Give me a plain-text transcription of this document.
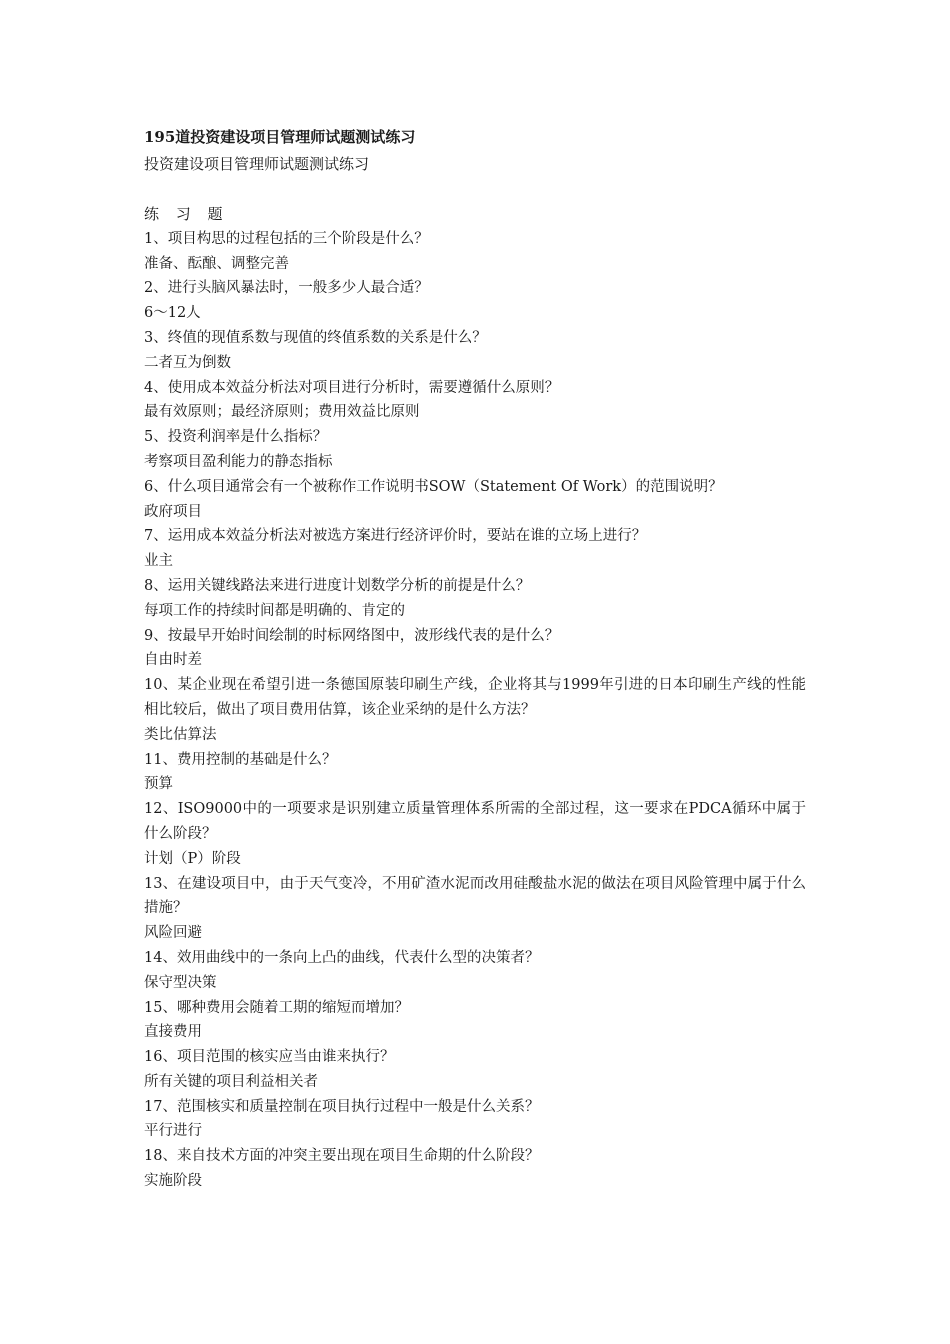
195道投资建设项目管理师试题测试练习
投资建设项目管理师试题测试练习
练 习 题

1、项目构思的过程包括的三个阶段是什么？

准备、酝酿、调整完善

2、进行头脑风暴法时，一般多少人最合适？

6～12人

3、终值的现值系数与现值的终值系数的关系是什么？

二者互为倒数

4、使用成本效益分析法对项目进行分析时，需要遵循什么原则？

最有效原则；最经济原则；费用效益比原则

5、投资利润率是什么指标？

考察项目盈利能力的静态指标

6、什么项目通常会有一个被称作工作说明书SOW（Statement Of Work）的范围说明？

政府项目

7、运用成本效益分析法对被选方案进行经济评价时，要站在谁的立场上进行？

业主

8、运用关键线路法来进行进度计划数学分析的前提是什么？

每项工作的持续时间都是明确的、肯定的

9、按最早开始时间绘制的时标网络图中，波形线代表的是什么？

自由时差

10、某企业现在希望引进一条德国原装印刷生产线，企业将其与1999年引进的日本印刷生产线的性能相比较后，做出了项目费用估算，该企业采纳的是什么方法？

类比估算法

11、费用控制的基础是什么？

预算

12、ISO9000中的一项要求是识别建立质量管理体系所需的全部过程，这一要求在PDCA循环中属于什么阶段？

计划（P）阶段

13、在建设项目中，由于天气变冷，不用矿渣水泥而改用硅酸盐水泥的做法在项目风险管理中属于什么措施？

风险回避

14、效用曲线中的一条向上凸的曲线，代表什么型的决策者？

保守型决策

15、哪种费用会随着工期的缩短而增加？

直接费用

16、项目范围的核实应当由谁来执行？

所有关键的项目利益相关者

17、范围核实和质量控制在项目执行过程中一般是什么关系？

平行进行

18、来自技术方面的冲突主要出现在项目生命期的什么阶段？

实施阶段
